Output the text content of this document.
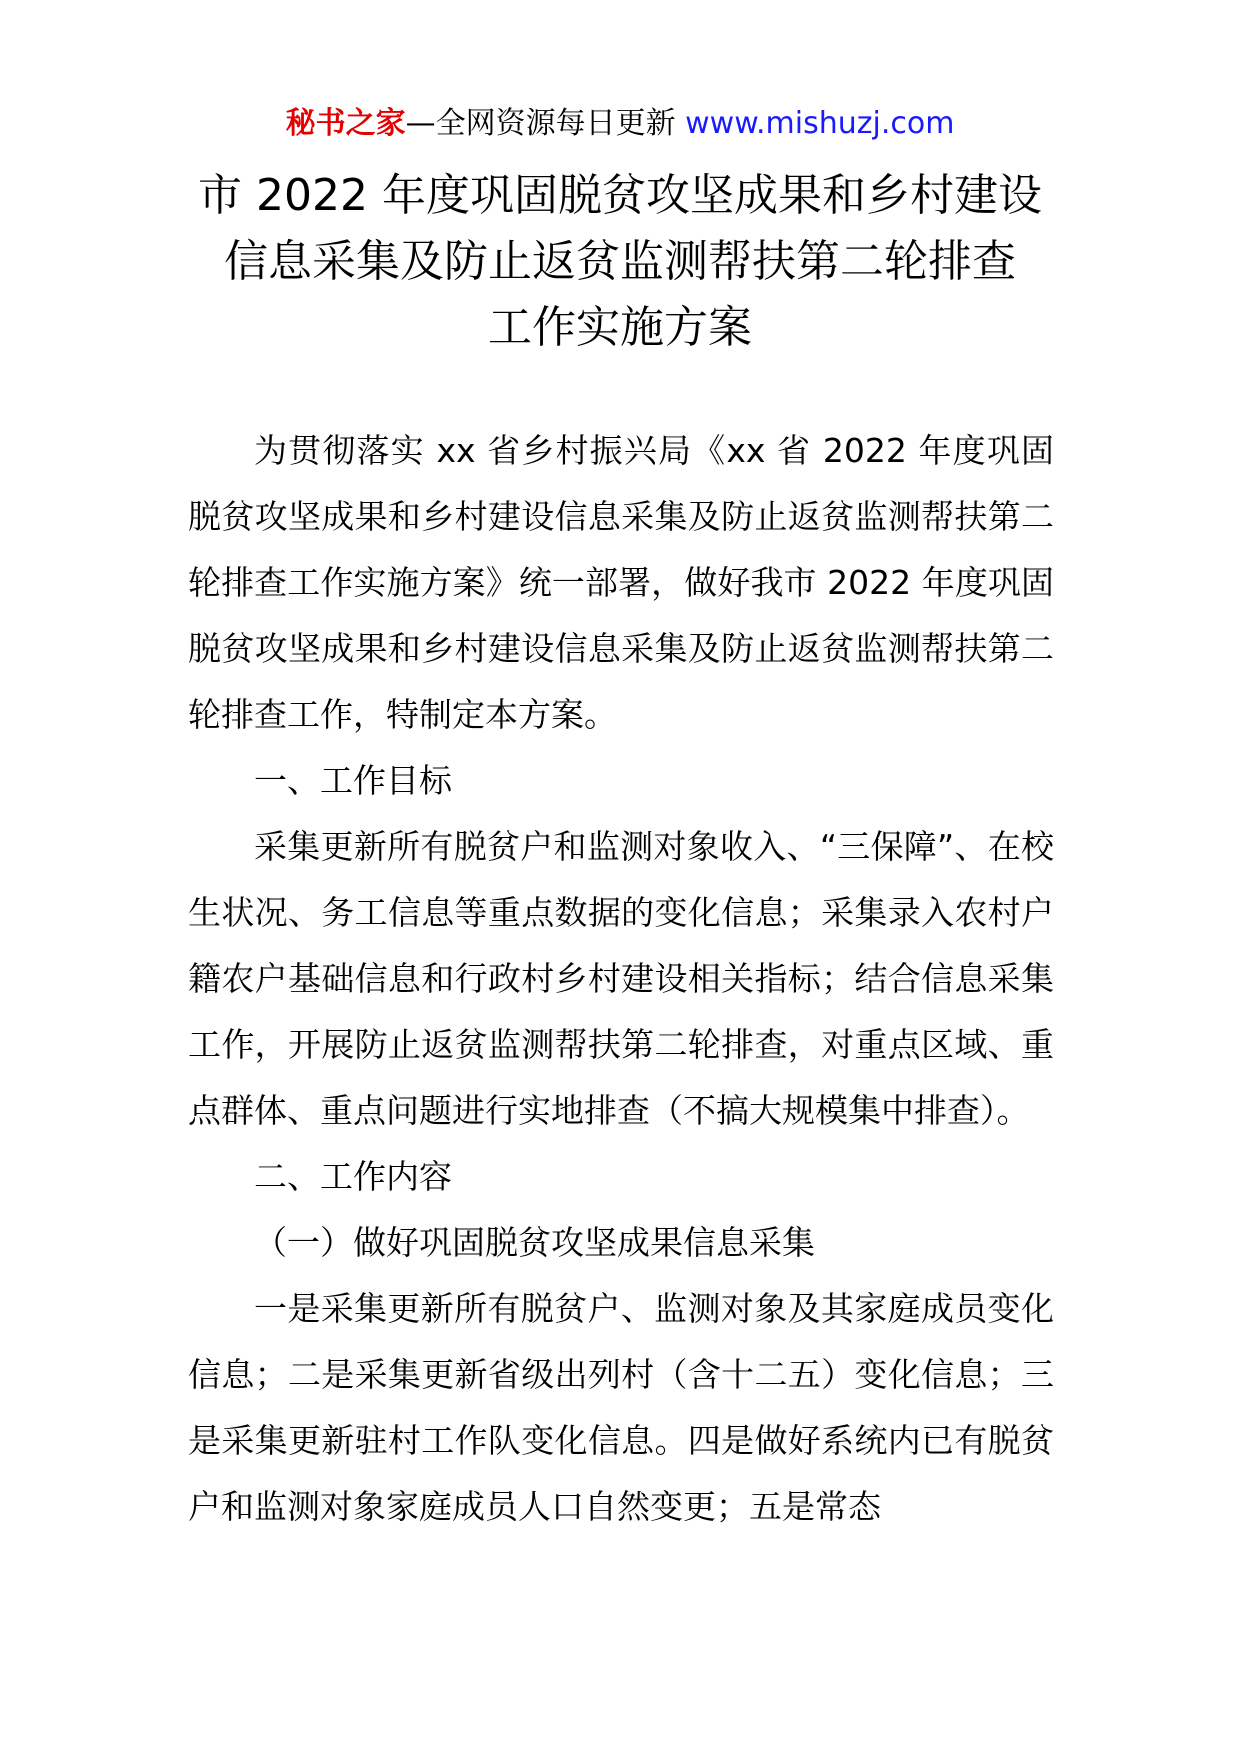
秘书之家—全网资源每日更新 www.mishuzj.com
市 2022 年度巩固脱贫攻坚成果和乡村建设
信息采集及防止返贫监测帮扶第二轮排查
工作实施方案

为贯彻落实 xx 省乡村振兴局《xx 省 2022 年度巩固脱贫攻坚成果和乡村建设信息采集及防止返贫监测帮扶第二轮排查工作实施方案》统一部署，做好我市 2022 年度巩固脱贫攻坚成果和乡村建设信息采集及防止返贫监测帮扶第二轮排查工作，特制定本方案。

一、工作目标

采集更新所有脱贫户和监测对象收入、“三保障”、在校生状况、务工信息等重点数据的变化信息；采集录入农村户籍农户基础信息和行政村乡村建设相关指标；结合信息采集工作，开展防止返贫监测帮扶第二轮排查，对重点区域、重点群体、重点问题进行实地排查（不搞大规模集中排查）。

二、工作内容

（一）做好巩固脱贫攻坚成果信息采集

一是采集更新所有脱贫户、监测对象及其家庭成员变化信息；二是采集更新省级出列村（含十二五）变化信息；三是采集更新驻村工作队变化信息。四是做好系统内已有脱贫户和监测对象家庭成员人口自然变更；五是常态
